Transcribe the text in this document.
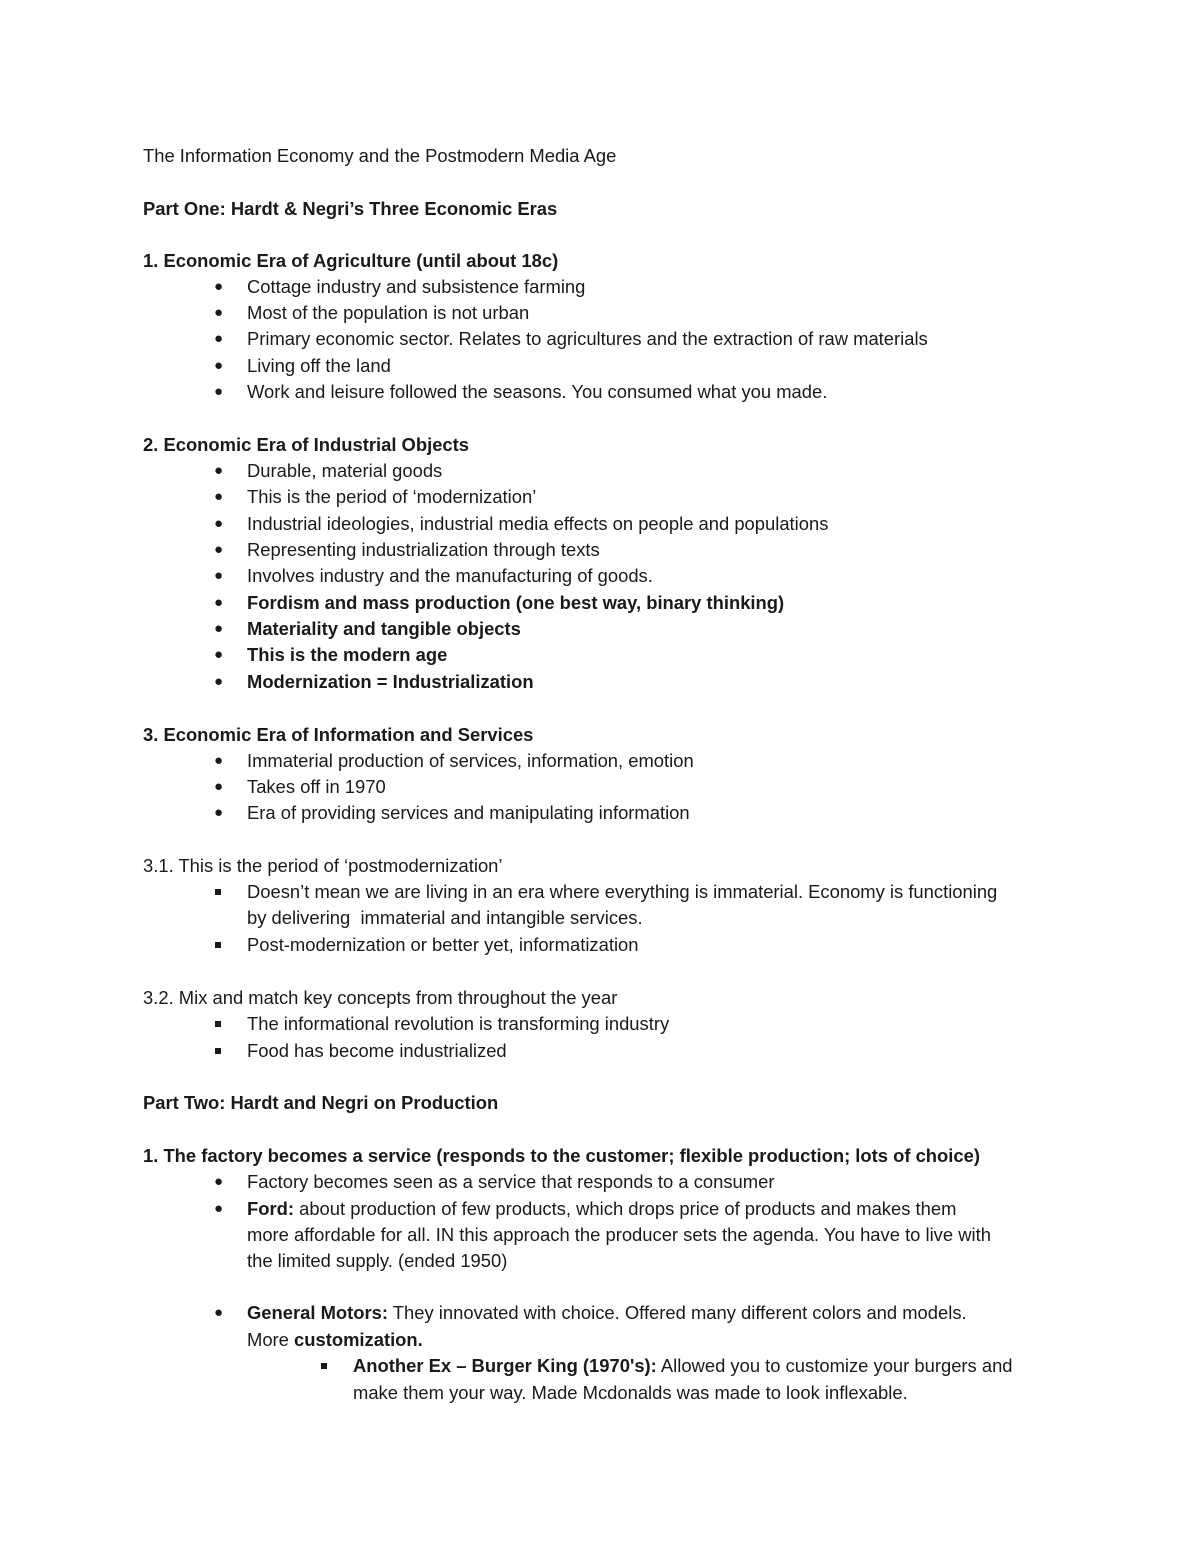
The Information Economy and the Postmodern Media Age
Part One: Hardt & Negri’s Three Economic Eras
1. Economic Era of Agriculture (until about 18c)
● Cottage industry and subsistence farming
● Most of the population is not urban
● Primary economic sector. Relates to agricultures and the extraction of raw materials
● Living off the land
● Work and leisure followed the seasons. You consumed what you made.
2. Economic Era of Industrial Objects
● Durable, material goods
● This is the period of ‘modernization’
● Industrial ideologies, industrial media effects on people and populations
● Representing industrialization through texts
● Involves industry and the manufacturing of goods.
● Fordism and mass production (one best way, binary thinking)
● Materiality and tangible objects
● This is the modern age
● Modernization = Industrialization
3. Economic Era of Information and Services
● Immaterial production of services, information, emotion
● Takes off in 1970
● Era of providing services and manipulating information
3.1. This is the period of ‘postmodernization’
Doesn’t mean we are living in an era where everything is immaterial. Economy is functioning
by delivering  immaterial and intangible services.
Post-modernization or better yet, informatization
3.2. Mix and match key concepts from throughout the year
The informational revolution is transforming industry
Food has become industrialized
Part Two: Hardt and Negri on Production
1. The factory becomes a service (responds to the customer; flexible production; lots of choice)
● Factory becomes seen as a service that responds to a consumer
● Ford: about production of few products, which drops price of products and makes them
more affordable for all. IN this approach the producer sets the agenda. You have to live with
the limited supply. (ended 1950)
● General Motors: They innovated with choice. Offered many different colors and models.
More customization.
Another Ex – Burger King (1970's): Allowed you to customize your burgers and
make them your way. Made Mcdonalds was made to look inflexable.
